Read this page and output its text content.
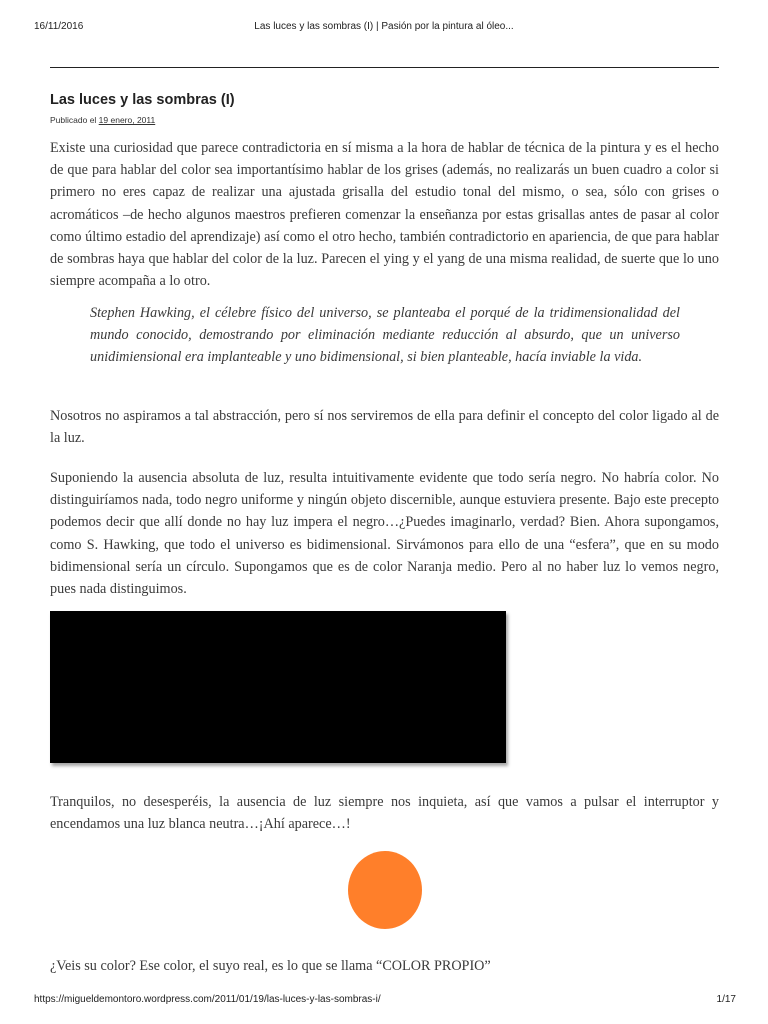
16/11/2016	Las luces y las sombras (I) | Pasión por la pintura al óleo...
Las luces y las sombras (I)
Publicado el 19 enero, 2011

Existe una curiosidad que parece contradictoria en sí misma a la hora de hablar de técnica de la pintura y es el hecho de que para hablar del color sea importantísimo hablar de los grises (además, no realizarás un buen cuadro a color si primero no eres capaz de realizar una ajustada grisalla del estudio tonal del mismo, o sea, sólo con grises o acromáticos –de hecho algunos maestros prefieren comenzar la enseñanza por estas grisallas antes de pasar al color como último estadio del aprendizaje) así como el otro hecho, también contradictorio en apariencia, de que para hablar de sombras haya que hablar del color de la luz. Parecen el ying y el yang de una misma realidad, de suerte que lo uno siempre acompaña a lo otro.

Stephen Hawking, el célebre físico del universo, se planteaba el porqué de la tridimensionalidad del mundo conocido, demostrando por eliminación mediante reducción al absurdo, que un universo unidimiensional era implanteable y uno bidimensional, si bien planteable, hacía inviable la vida.

Nosotros no aspiramos a tal abstracción, pero sí nos serviremos de ella para definir el concepto del color ligado al de la luz.

Suponiendo la ausencia absoluta de luz, resulta intuitivamente evidente que todo sería negro. No habría color. No distinguiríamos nada, todo negro uniforme y ningún objeto discernible, aunque estuviera presente. Bajo este precepto podemos decir que allí donde no hay luz impera el negro…¿Puedes imaginarlo, verdad? Bien. Ahora supongamos, como S. Hawking, que todo el universo es bidimensional. Sirvámonos para ello de una “esfera”, que en su modo bidimensional sería un círculo. Supongamos que es de color Naranja medio. Pero al no haber luz lo vemos negro, pues nada distinguimos.

Tranquilos, no desesperéis, la ausencia de luz siempre nos inquieta, así que vamos a pulsar el interruptor y encendamos una luz blanca neutra…¡Ahí aparece…!

¿Veis su color? Ese color, el suyo real, es lo que se llama “COLOR PROPIO”

https://migueldemontoro.wordpress.com/2011/01/19/las-luces-y-las-sombras-i/	1/17
